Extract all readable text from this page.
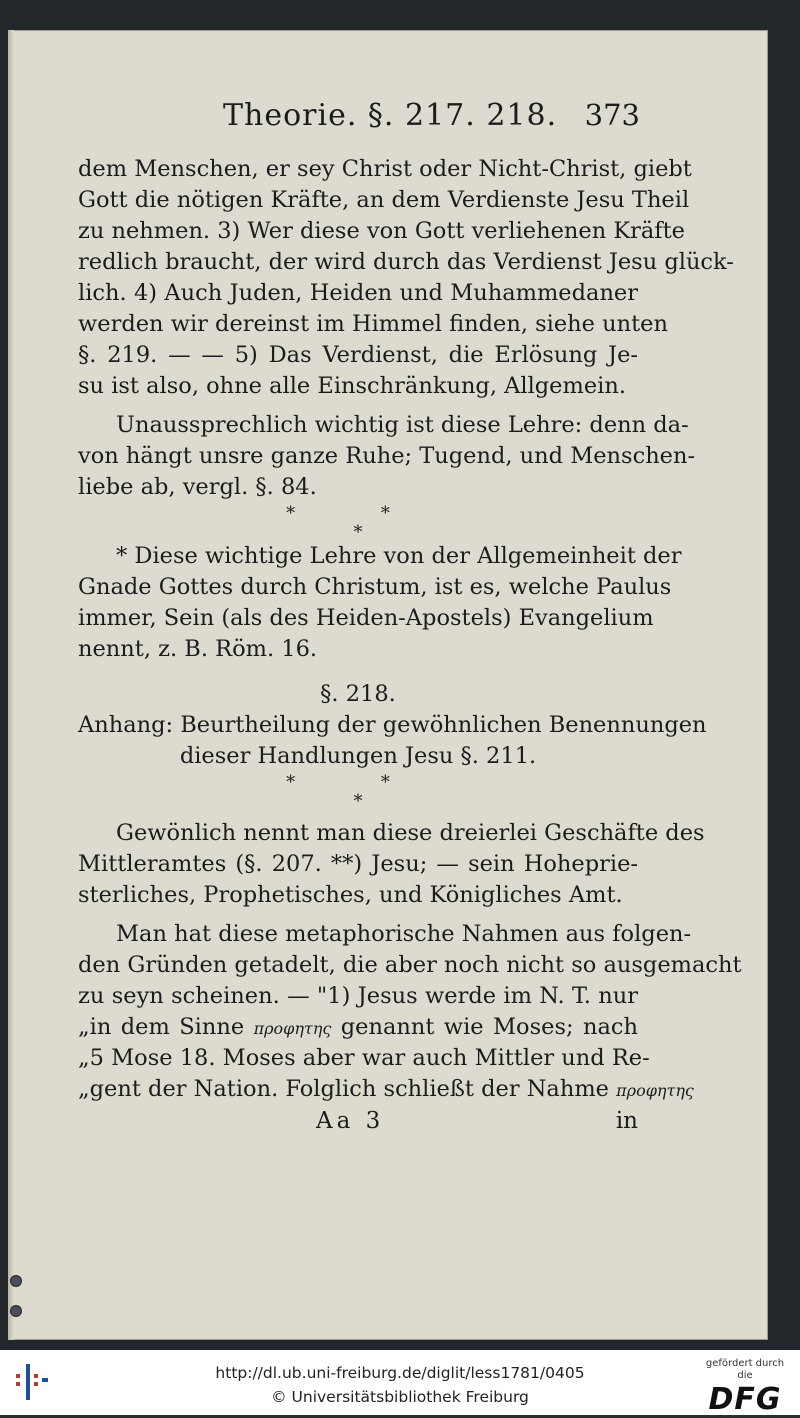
Theorie. §. 217. 218. 373
dem Menschen, er sey Christ oder Nicht-Christ, giebt
Gott die nötigen Kräfte, an dem Verdienste Jesu Theil
zu nehmen. 3) Wer diese von Gott verliehenen Kräfte
redlich braucht, der wird durch das Verdienst Jesu glück-
lich. 4) Auch Juden, Heiden und Muhammedaner
werden wir dereinst im Himmel finden, siehe unten
§. 219. — — 5) Das Verdienst, die Erlösung Je-
su ist also, ohne alle Einschränkung, Allgemein.
Unaussprechlich wichtig ist diese Lehre: denn da-
von hängt unsre ganze Ruhe; Tugend, und Menschen-
liebe ab, vergl. §. 84.
* *
*
* Diese wichtige Lehre von der Allgemeinheit der
Gnade Gottes durch Christum, ist es, welche Paulus
immer, Sein (als des Heiden-Apostels) Evangelium
nennt, z. B. Röm. 16.
§. 218.
Anhang: Beurtheilung der gewöhnlichen Benennungen
dieser Handlungen Jesu §. 211.
* *
*
Gewönlich nennt man diese dreierlei Geschäfte des
Mittleramtes (§. 207. **) Jesu; — sein Hoheprie-
sterliches, Prophetisches, und Königliches Amt.
Man hat diese metaphorische Nahmen aus folgen-
den Gründen getadelt, die aber noch nicht so ausgemacht
zu seyn scheinen. — "1) Jesus werde im N. T. nur
„in dem Sinne προφητης genannt wie Moses; nach
„5 Mose 18. Moses aber war auch Mittler und Re-
„gent der Nation. Folglich schließt der Nahme προφητης
Aa 3	in
http://dl.ub.uni-freiburg.de/diglit/less1781/0405
© Universitätsbibliothek Freiburg
gefördert durch die
DFG
